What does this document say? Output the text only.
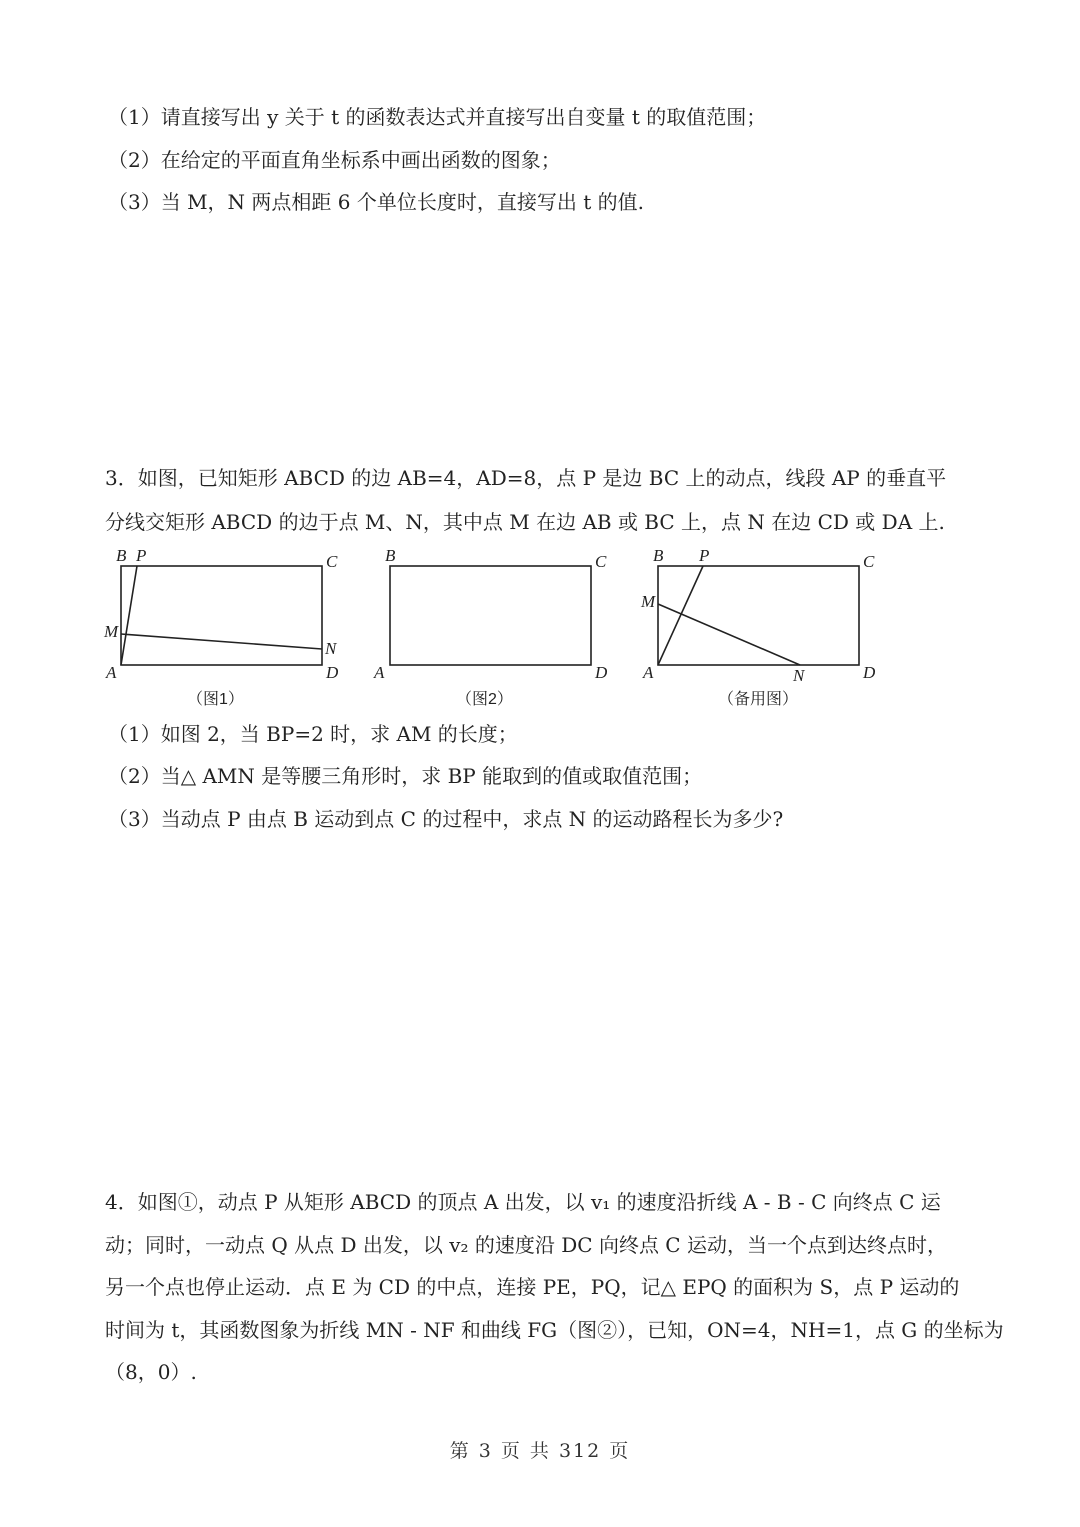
（1）请直接写出 y 关于 t 的函数表达式并直接写出自变量 t 的取值范围；
（2）在给定的平面直角坐标系中画出函数的图象；
（3）当 M，N 两点相距 6 个单位长度时，直接写出 t 的值.
3．如图，已知矩形 ABCD 的边 AB=4，AD=8，点 P 是边 BC 上的动点，线段 AP 的垂直平
分线交矩形 ABCD 的边于点 M、N，其中点 M 在边 AB 或 BC 上，点 N 在边 CD 或 DA 上.
B P	C
M
N
A	D
（图1）
B	C
A	D
（图2）
B P	C
M
N
A	D
（备用图）
（1）如图 2，当 BP=2 时，求 AM 的长度；
（2）当△ AMN 是等腰三角形时，求 BP 能取到的值或取值范围；
（3）当动点 P 由点 B 运动到点 C 的过程中，求点 N 的运动路程长为多少?
4．如图①，动点 P 从矩形 ABCD 的顶点 A 出发，以 v₁ 的速度沿折线 A - B - C 向终点 C 运
动；同时，一动点 Q 从点 D 出发，以 v₂ 的速度沿 DC 向终点 C 运动，当一个点到达终点时，
另一个点也停止运动．点 E 为 CD 的中点，连接 PE，PQ，记△ EPQ 的面积为 S，点 P 运动的
时间为 t，其函数图象为折线 MN - NF 和曲线 FG（图②），已知，ON=4，NH=1，点 G 的坐标为
（8，0）.
第 3 页 共 312 页
